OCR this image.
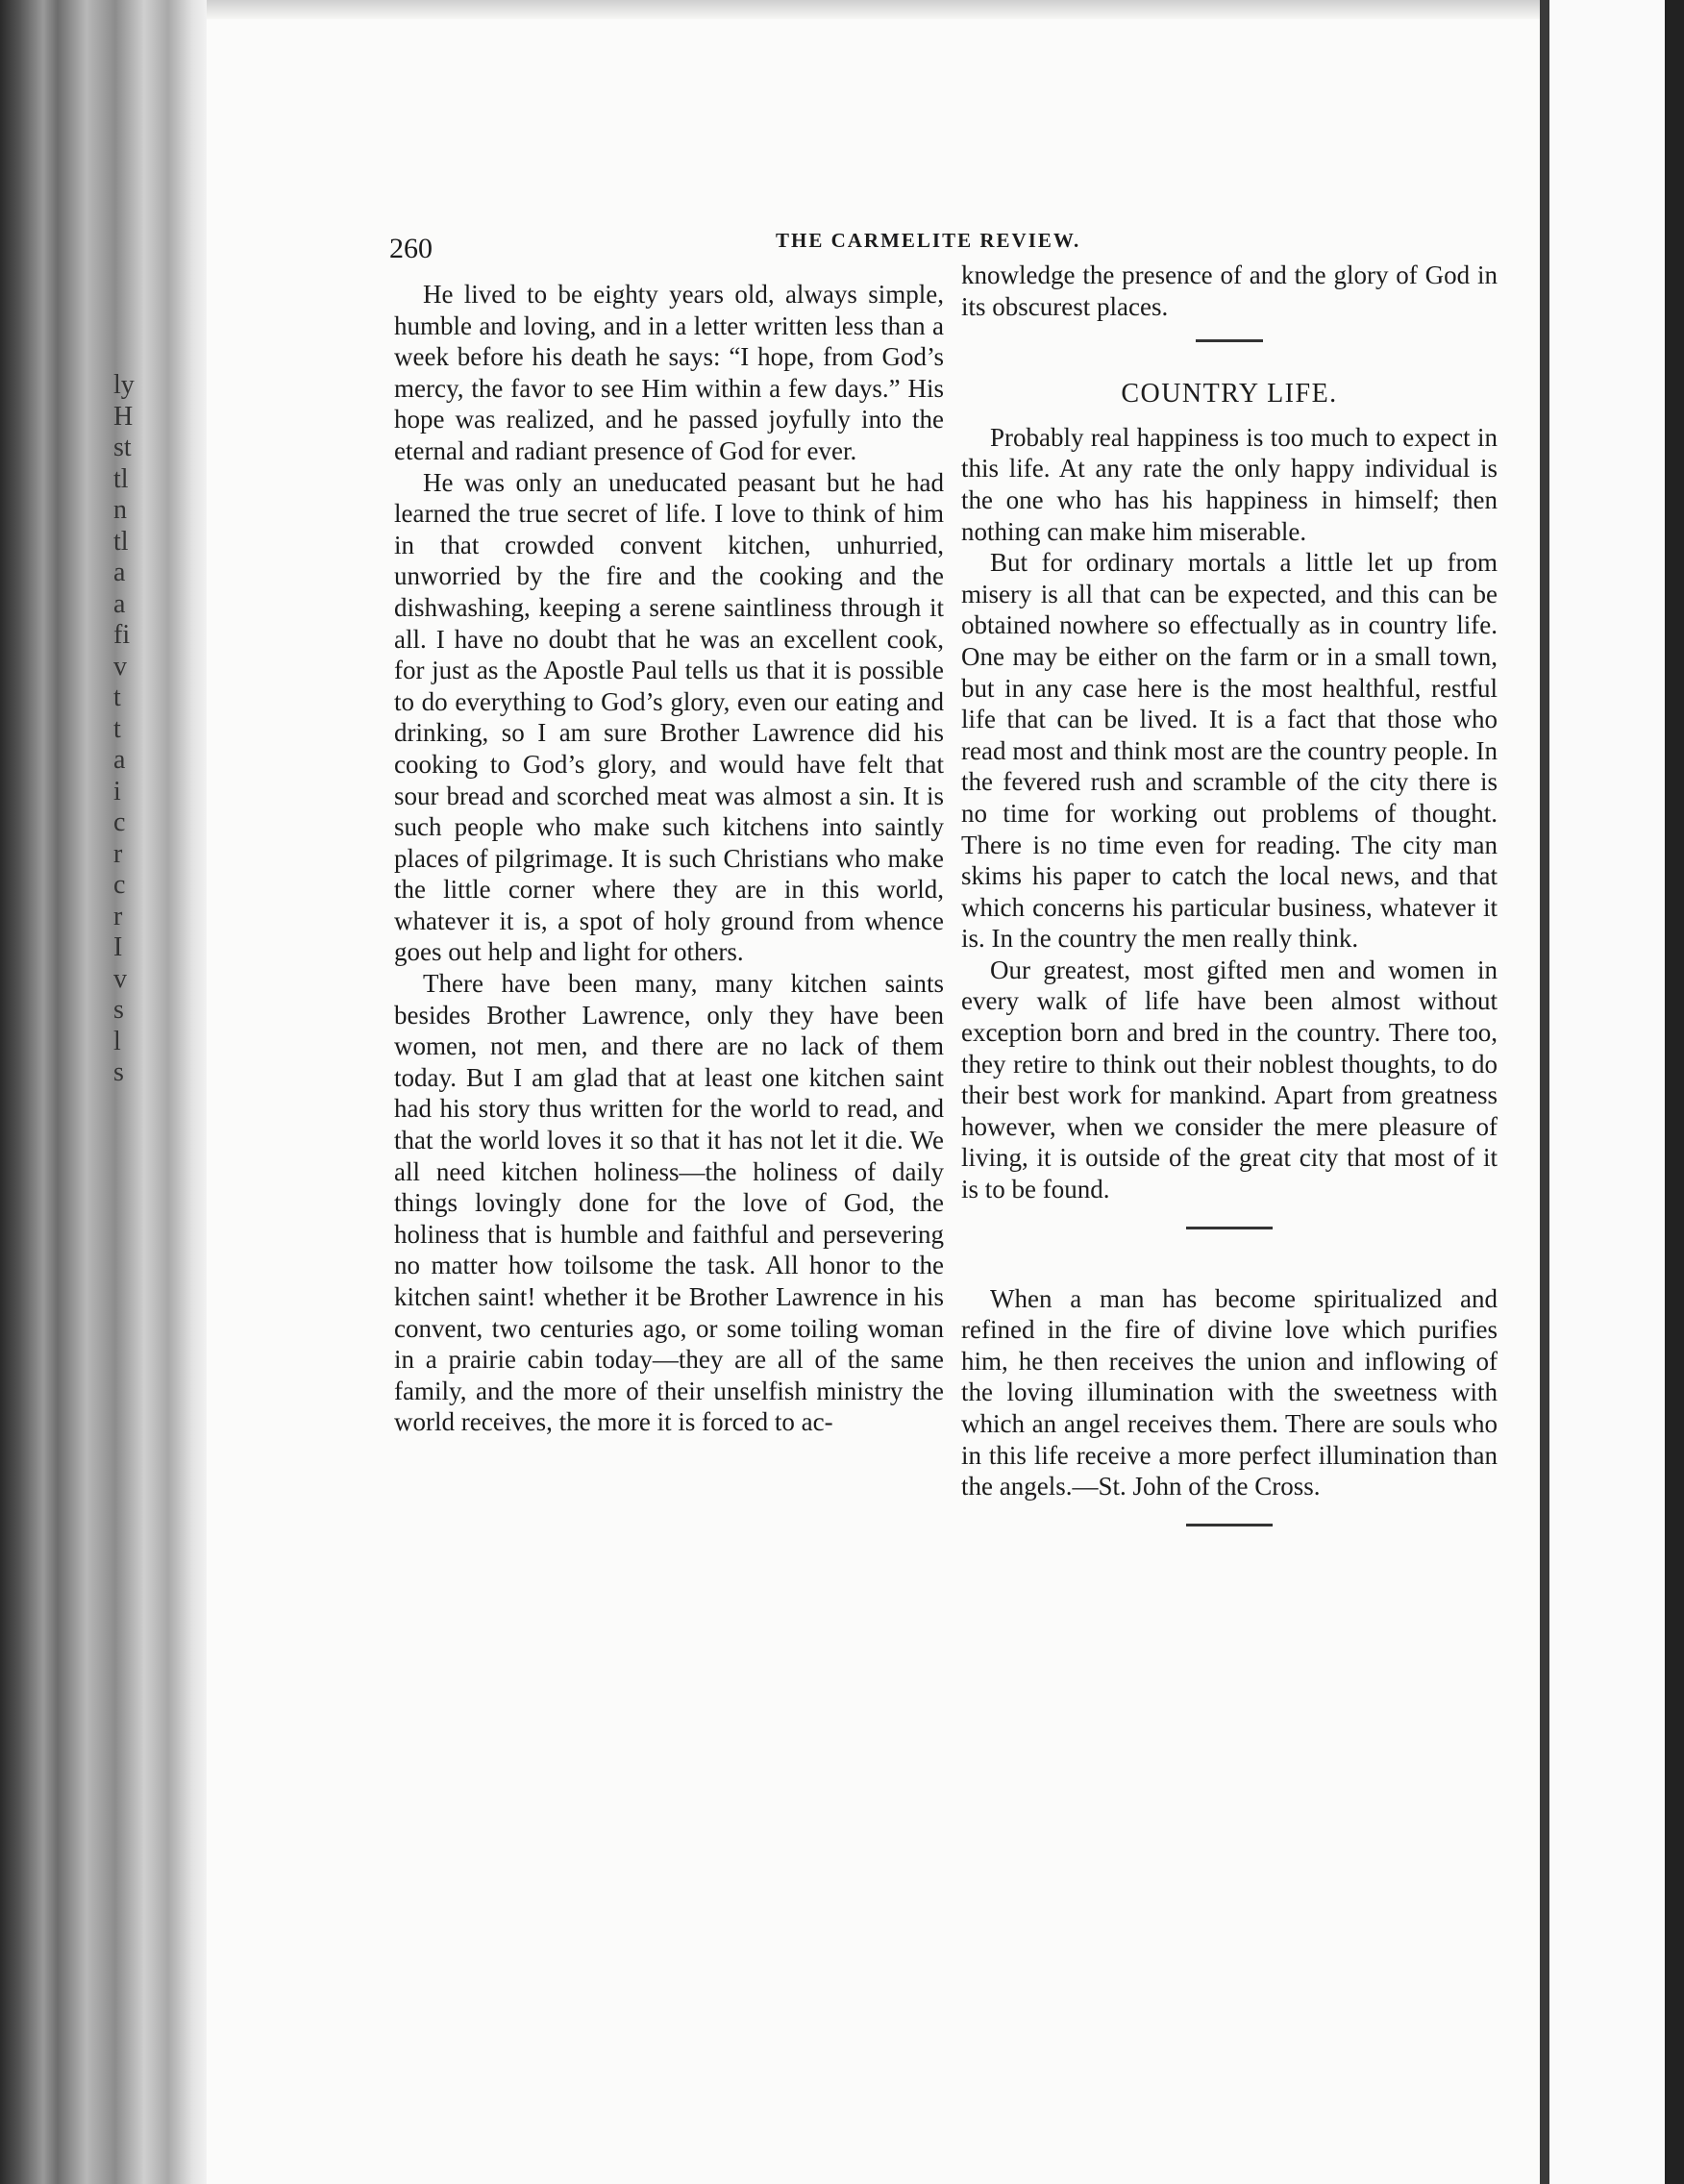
ly
H
st
tl
n
tl
a
a
fi
v
t
t
a
i
c
r
c
r
I
v
s
l
s
260	THE CARMELITE REVIEW.

He lived to be eighty years old, always simple, humble and loving, and in a letter written less than a week before his death he says: “I hope, from God’s mercy, the favor to see Him within a few days.” His hope was realized, and he passed joyfully into the eternal and radiant presence of God for ever.

He was only an uneducated peasant but he had learned the true secret of life. I love to think of him in that crowded convent kitchen, unhurried, unworried by the fire and the cooking and the dishwashing, keeping a serene saintliness through it all. I have no doubt that he was an excellent cook, for just as the Apostle Paul tells us that it is possible to do everything to God’s glory, even our eating and drinking, so I am sure Brother Lawrence did his cooking to God’s glory, and would have felt that sour bread and scorched meat was almost a sin. It is such people who make such kitchens into saintly places of pilgrimage. It is such Christians who make the little corner where they are in this world, whatever it is, a spot of holy ground from whence goes out help and light for others.

There have been many, many kitchen saints besides Brother Lawrence, only they have been women, not men, and there are no lack of them today. But I am glad that at least one kitchen saint had his story thus written for the world to read, and that the world loves it so that it has not let it die. We all need kitchen holiness—the holiness of daily things lovingly done for the love of God, the holiness that is humble and faithful and persevering no matter how toilsome the task. All honor to the kitchen saint! whether it be Brother Lawrence in his convent, two centuries ago, or some toiling woman in a prairie cabin today—they are all of the same family, and the more of their unselfish ministry the world receives, the more it is forced to ac-

knowledge the presence of and the glory of God in its obscurest places.

COUNTRY LIFE.

Probably real happiness is too much to expect in this life. At any rate the only happy individual is the one who has his happiness in himself; then nothing can make him miserable.

But for ordinary mortals a little let up from misery is all that can be expected, and this can be obtained nowhere so effectually as in country life. One may be either on the farm or in a small town, but in any case here is the most healthful, restful life that can be lived. It is a fact that those who read most and think most are the country people. In the fevered rush and scramble of the city there is no time for working out problems of thought. There is no time even for reading. The city man skims his paper to catch the local news, and that which concerns his particular business, whatever it is. In the country the men really think.

Our greatest, most gifted men and women in every walk of life have been almost without exception born and bred in the country. There too, they retire to think out their noblest thoughts, to do their best work for mankind. Apart from greatness however, when we consider the mere pleasure of living, it is outside of the great city that most of it is to be found.

When a man has become spiritualized and refined in the fire of divine love which purifies him, he then receives the union and inflowing of the loving illumination with the sweetness with which an angel receives them. There are souls who in this life receive a more perfect illumination than the angels.—St. John of the Cross.
